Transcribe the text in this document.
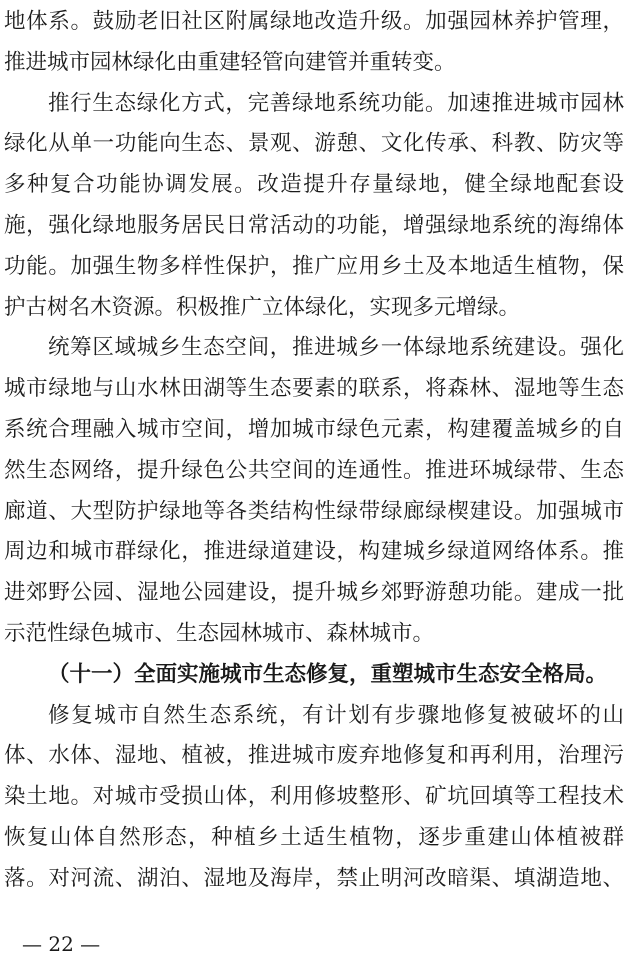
地体系。鼓励老旧社区附属绿地改造升级。加强园林养护管理，
推进城市园林绿化由重建轻管向建管并重转变。
推行生态绿化方式，完善绿地系统功能。加速推进城市园林
绿化从单一功能向生态、景观、游憩、文化传承、科教、防灾等
多种复合功能协调发展。改造提升存量绿地，健全绿地配套设
施，强化绿地服务居民日常活动的功能，增强绿地系统的海绵体
功能。加强生物多样性保护，推广应用乡土及本地适生植物，保
护古树名木资源。积极推广立体绿化，实现多元增绿。
统筹区域城乡生态空间，推进城乡一体绿地系统建设。强化
城市绿地与山水林田湖等生态要素的联系，将森林、湿地等生态
系统合理融入城市空间，增加城市绿色元素，构建覆盖城乡的自
然生态网络，提升绿色公共空间的连通性。推进环城绿带、生态
廊道、大型防护绿地等各类结构性绿带绿廊绿楔建设。加强城市
周边和城市群绿化，推进绿道建设，构建城乡绿道网络体系。推
进郊野公园、湿地公园建设，提升城乡郊野游憩功能。建成一批
示范性绿色城市、生态园林城市、森林城市。
（十一）全面实施城市生态修复，重塑城市生态安全格局。
修复城市自然生态系统，有计划有步骤地修复被破坏的山
体、水体、湿地、植被，推进城市废弃地修复和再利用，治理污
染土地。对城市受损山体，利用修坡整形、矿坑回填等工程技术
恢复山体自然形态，种植乡土适生植物，逐步重建山体植被群
落。对河流、湖泊、湿地及海岸，禁止明河改暗渠、填湖造地、
— 22 —
